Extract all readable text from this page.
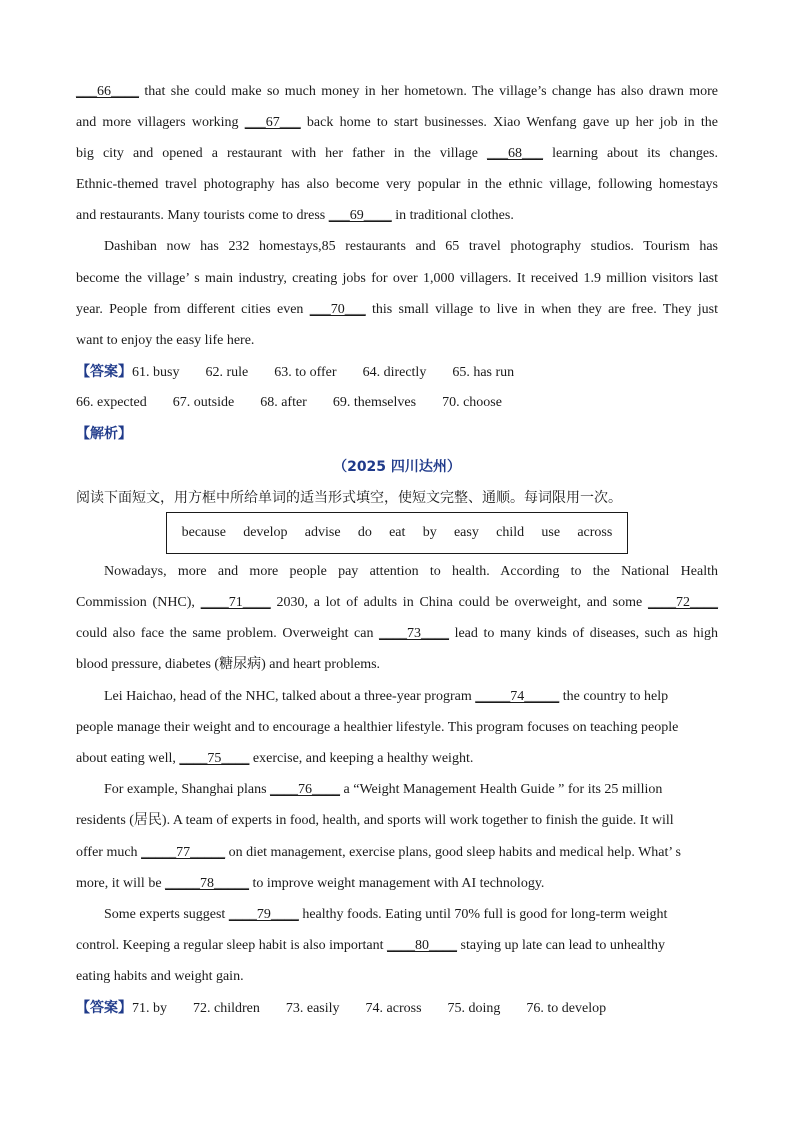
___66____ that she could make so much money in her hometown. The village’s change has also drawn more
and more villagers working ___67___ back home to start businesses. Xiao Wenfang gave up her job in the
big city and opened a restaurant with her father in the village ___68___ learning about its changes.
Ethnic-themed travel photography has also become very popular in the ethnic village, following homestays
and restaurants. Many tourists come to dress ___69____ in traditional clothes.
Dashiban now has 232 homestays,85 restaurants and 65 travel photography studios. Tourism has
become the village’ s main industry, creating jobs for over 1,000 villagers. It received 1.9 million visitors last
year. People from different cities even ___70___ this small village to live in when they are free. They just
want to enjoy the easy life here.
【答案】61. busy 62. rule 63. to offer 64. directly 65. has run
66. expected 67. outside 68. after 69. themselves 70. choose
【解析】
（2025 四川达州）
阅读下面短文，用方框中所给单词的适当形式填空，使短文完整、通顺。每词限用一次。
because develop advise do eat by easy child use across
Nowadays, more and more people pay attention to health. According to the National Health
Commission (NHC), ____71____ 2030, a lot of adults in China could be overweight, and some ____72____
could also face the same problem. Overweight can ____73____ lead to many kinds of diseases, such as high
blood pressure, diabetes (糖尿病) and heart problems.
Lei Haichao, head of the NHC, talked about a three-year program _____74_____ the country to help
people manage their weight and to encourage a healthier lifestyle. This program focuses on teaching people
about eating well, ____75____ exercise, and keeping a healthy weight.
For example, Shanghai plans ____76____ a “Weight Management Health Guide ” for its 25 million
residents (居民). A team of experts in food, health, and sports will work together to finish the guide. It will
offer much _____77_____ on diet management, exercise plans, good sleep habits and medical help. What’ s
more, it will be _____78_____ to improve weight management with AI technology.
Some experts suggest ____79____ healthy foods. Eating until 70% full is good for long-term weight
control. Keeping a regular sleep habit is also important ____80____ staying up late can lead to unhealthy
eating habits and weight gain.
【答案】71. by 72. children 73. easily 74. across 75. doing 76. to develop
